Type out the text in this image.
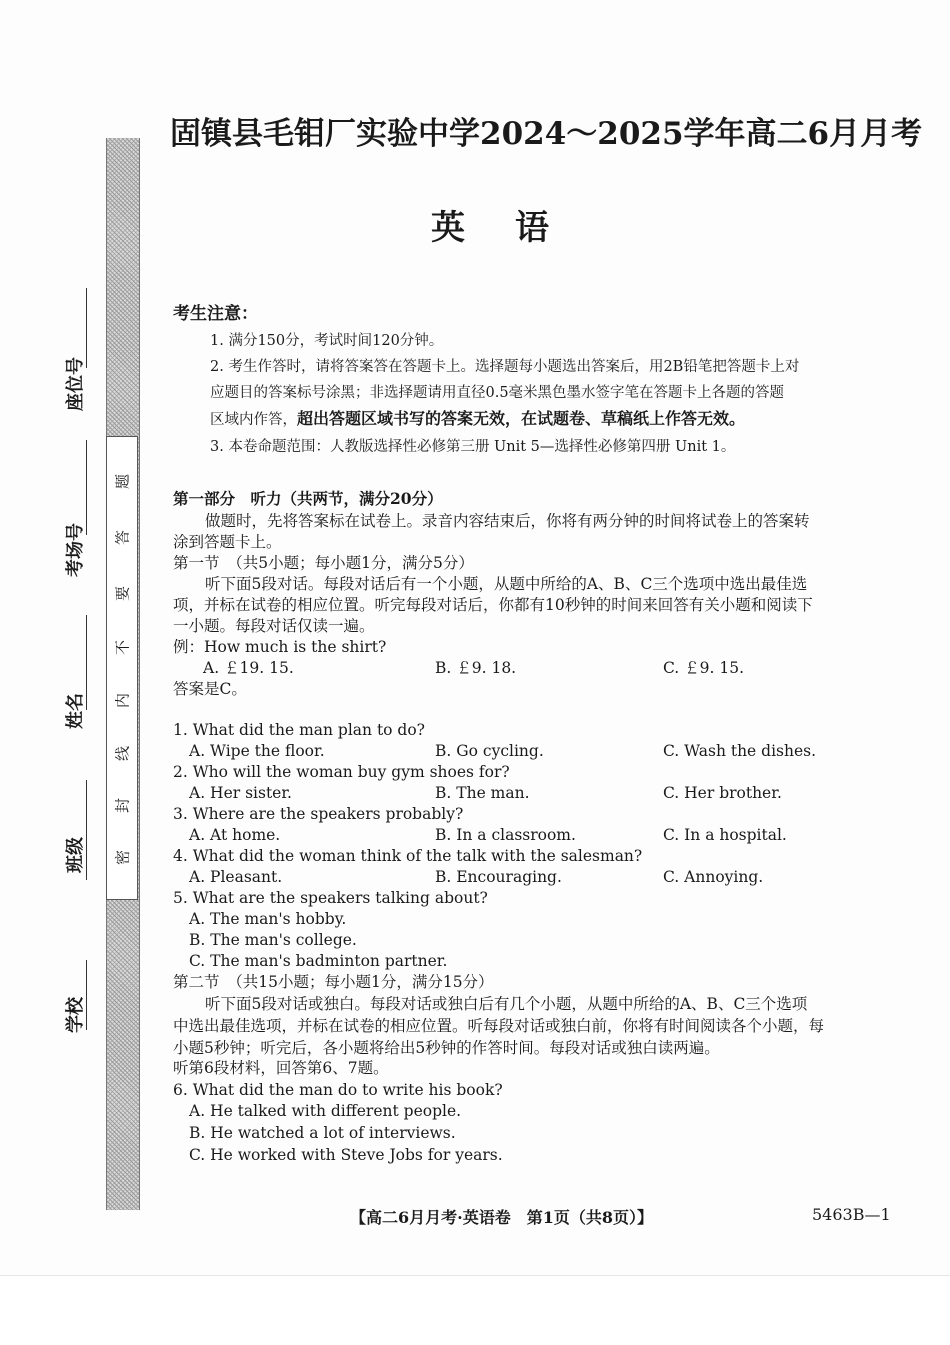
题
答
要
不
内
线
封
密
座位号
考场号
姓名
班级
学校
固镇县毛钼厂实验中学2024～2025学年高二6月月考
英语
考生注意：
1. 满分150分，考试时间120分钟。
2. 考生作答时，请将答案答在答题卡上。选择题每小题选出答案后，用2B铅笔把答题卡上对
应题目的答案标号涂黑；非选择题请用直径0.5毫米黑色墨水签字笔在答题卡上各题的答题
区域内作答，超出答题区域书写的答案无效，在试题卷、草稿纸上作答无效。
3. 本卷命题范围：人教版选择性必修第三册 Unit 5—选择性必修第四册 Unit 1。
第一部分　听力（共两节，满分20分）
做题时，先将答案标在试卷上。录音内容结束后，你将有两分钟的时间将试卷上的答案转
涂到答题卡上。
第一节　（共5小题；每小题1分，满分5分）
听下面5段对话。每段对话后有一个小题，从题中所给的A、B、C三个选项中选出最佳选
项，并标在试卷的相应位置。听完每段对话后，你都有10秒钟的时间来回答有关小题和阅读下
一小题。每段对话仅读一遍。
例：How much is the shirt?
A. ￡19. 15.	B. ￡9. 18.	C. ￡9. 15.
答案是C。
1. What did the man plan to do?
A. Wipe the floor.	B. Go cycling.	C. Wash the dishes.
2. Who will the woman buy gym shoes for?
A. Her sister.	B. The man.	C. Her brother.
3. Where are the speakers probably?
A. At home.	B. In a classroom.	C. In a hospital.
4. What did the woman think of the talk with the salesman?
A. Pleasant.	B. Encouraging.	C. Annoying.
5. What are the speakers talking about?
A. The man's hobby.
B. The man's college.
C. The man's badminton partner.
第二节　（共15小题；每小题1分，满分15分）
听下面5段对话或独白。每段对话或独白后有几个小题，从题中所给的A、B、C三个选项
中选出最佳选项，并标在试卷的相应位置。听每段对话或独白前，你将有时间阅读各个小题，每
小题5秒钟；听完后，各小题将给出5秒钟的作答时间。每段对话或独白读两遍。
听第6段材料，回答第6、7题。
6. What did the man do to write his book?
A. He talked with different people.
B. He watched a lot of interviews.
C. He worked with Steve Jobs for years.
【高二6月月考·英语卷　第1页（共8页）】	5463B—1
